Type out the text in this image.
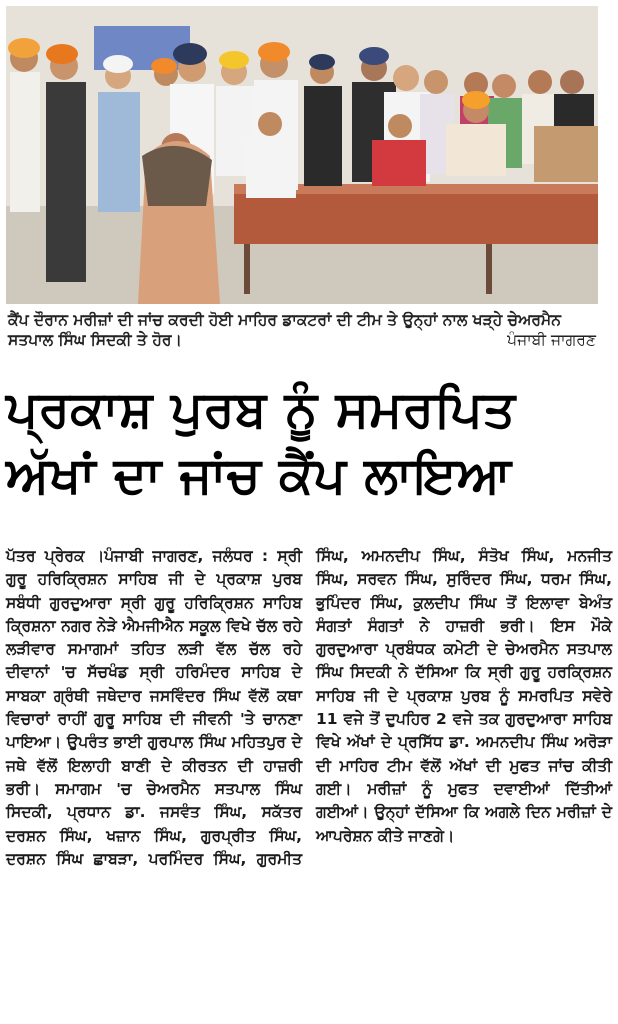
ਕੈਂਪ ਦੌਰਾਨ ਮਰੀਜ਼ਾਂ ਦੀ ਜਾਂਚ ਕਰਦੀ ਹੋਈ ਮਾਹਿਰ ਡਾਕਟਰਾਂ ਦੀ ਟੀਮ ਤੇ ਉਨ੍ਹਾਂ ਨਾਲ ਖੜ੍ਹੇ ਚੇਅਰਮੈਨ ਸਤਪਾਲ ਸਿੰਘ ਸਿਦਕੀ ਤੇ ਹੋਰ।	ਪੰਜਾਬੀ ਜਾਗਰਣ
ਪ੍ਰਕਾਸ਼ ਪੁਰਬ ਨੂੰ ਸਮਰਪਿਤ
ਅੱਖਾਂ ਦਾ ਜਾਂਚ ਕੈਂਪ ਲਾਇਆ
ਪੱਤਰ ਪ੍ਰੇਰਕ ।ਪੰਜਾਬੀ ਜਾਗਰਣ, ਜਲੰਧਰ : ਸ੍ਰੀ ਗੁਰੂ ਹਰਿਕ੍ਰਿਸ਼ਨ ਸਾਹਿਬ ਜੀ ਦੇ ਪ੍ਰਕਾਸ਼ ਪੁਰਬ ਸਬੰਧੀ ਗੁਰਦੁਆਰਾ ਸ੍ਰੀ ਗੁਰੂ ਹਰਿਕ੍ਰਿਸ਼ਨ ਸਾਹਿਬ ਕ੍ਰਿਸ਼ਨਾ ਨਗਰ ਨੇੜੇ ਐਮਜੀਐਨ ਸਕੂਲ ਵਿਖੇ ਚੱਲ ਰਹੇ ਲੜੀਵਾਰ ਸਮਾਗਮਾਂ ਤਹਿਤ ਲੜੀ ਵੱਲ ਚੱਲ ਰਹੇ ਦੀਵਾਨਾਂ 'ਚ ਸੱਚਖੰਡ ਸ੍ਰੀ ਹਰਿਮੰਦਰ ਸਾਹਿਬ ਦੇ ਸਾਬਕਾ ਗ੍ਰੰਥੀ ਜਥੇਦਾਰ ਜਸਵਿੰਦਰ ਸਿੰਘ ਵੱਲੋਂ ਕਥਾ ਵਿਚਾਰਾਂ ਰਾਹੀਂ ਗੁਰੂ ਸਾਹਿਬ ਦੀ ਜੀਵਨੀ 'ਤੇ ਚਾਨਣਾ ਪਾਇਆ। ਉਪਰੰਤ ਭਾਈ ਗੁਰਪਾਲ ਸਿੰਘ ਮਹਿਤਪੁਰ ਦੇ ਜਥੇ ਵੱਲੋਂ ਇਲਾਹੀ ਬਾਣੀ ਦੇ ਕੀਰਤਨ ਦੀ ਹਾਜ਼ਰੀ ਭਰੀ। ਸਮਾਗਮ 'ਚ ਚੇਅਰਮੈਨ ਸਤਪਾਲ ਸਿੰਘ ਸਿਦਕੀ, ਪ੍ਰਧਾਨ ਡਾ. ਜਸਵੰਤ ਸਿੰਘ, ਸਕੱਤਰ ਦਰਸ਼ਨ ਸਿੰਘ, ਖਜ਼ਾਨ ਸਿੰਘ, ਗੁਰਪ੍ਰੀਤ ਸਿੰਘ, ਦਰਸ਼ਨ ਸਿੰਘ ਛਾਬੜਾ, ਪਰਮਿੰਦਰ ਸਿੰਘ, ਗੁਰਮੀਤ ਸਿੰਘ, ਅਮਨਦੀਪ ਸਿੰਘ, ਸੰਤੋਖ ਸਿੰਘ, ਮਨਜੀਤ ਸਿੰਘ, ਸਰਵਨ ਸਿੰਘ, ਸੁਰਿੰਦਰ ਸਿੰਘ, ਧਰਮ ਸਿੰਘ, ਭੁਪਿੰਦਰ ਸਿੰਘ, ਕੁਲਦੀਪ ਸਿੰਘ ਤੋਂ ਇਲਾਵਾ ਬੇਅੰਤ ਸੰਗਤਾਂ ਸੰਗਤਾਂ ਨੇ ਹਾਜ਼ਰੀ ਭਰੀ। ਇਸ ਮੌਕੇ ਗੁਰਦੁਆਰਾ ਪ੍ਰਬੰਧਕ ਕਮੇਟੀ ਦੇ ਚੇਅਰਮੈਨ ਸਤਪਾਲ ਸਿੰਘ ਸਿਦਕੀ ਨੇ ਦੱਸਿਆ ਕਿ ਸ੍ਰੀ ਗੁਰੂ ਹਰਕ੍ਰਿਸ਼ਨ ਸਾਹਿਬ ਜੀ ਦੇ ਪ੍ਰਕਾਸ਼ ਪੁਰਬ ਨੂੰ ਸਮਰਪਿਤ ਸਵੇਰੇ 11 ਵਜੇ ਤੋਂ ਦੁਪਹਿਰ 2 ਵਜੇ ਤਕ ਗੁਰਦੁਆਰਾ ਸਾਹਿਬ ਵਿਖੇ ਅੱਖਾਂ ਦੇ ਪ੍ਰਸਿੱਧ ਡਾ. ਅਮਨਦੀਪ ਸਿੰਘ ਅਰੋੜਾ ਦੀ ਮਾਹਿਰ ਟੀਮ ਵੱਲੋਂ ਅੱਖਾਂ ਦੀ ਮੁਫਤ ਜਾਂਚ ਕੀਤੀ ਗਈ। ਮਰੀਜ਼ਾਂ ਨੂੰ ਮੁਫਤ ਦਵਾਈਆਂ ਦਿੱਤੀਆਂ ਗਈਆਂ। ਉਨ੍ਹਾਂ ਦੱਸਿਆ ਕਿ ਅਗਲੇ ਦਿਨ ਮਰੀਜ਼ਾਂ ਦੇ ਆਪਰੇਸ਼ਨ ਕੀਤੇ ਜਾਣਗੇ।
